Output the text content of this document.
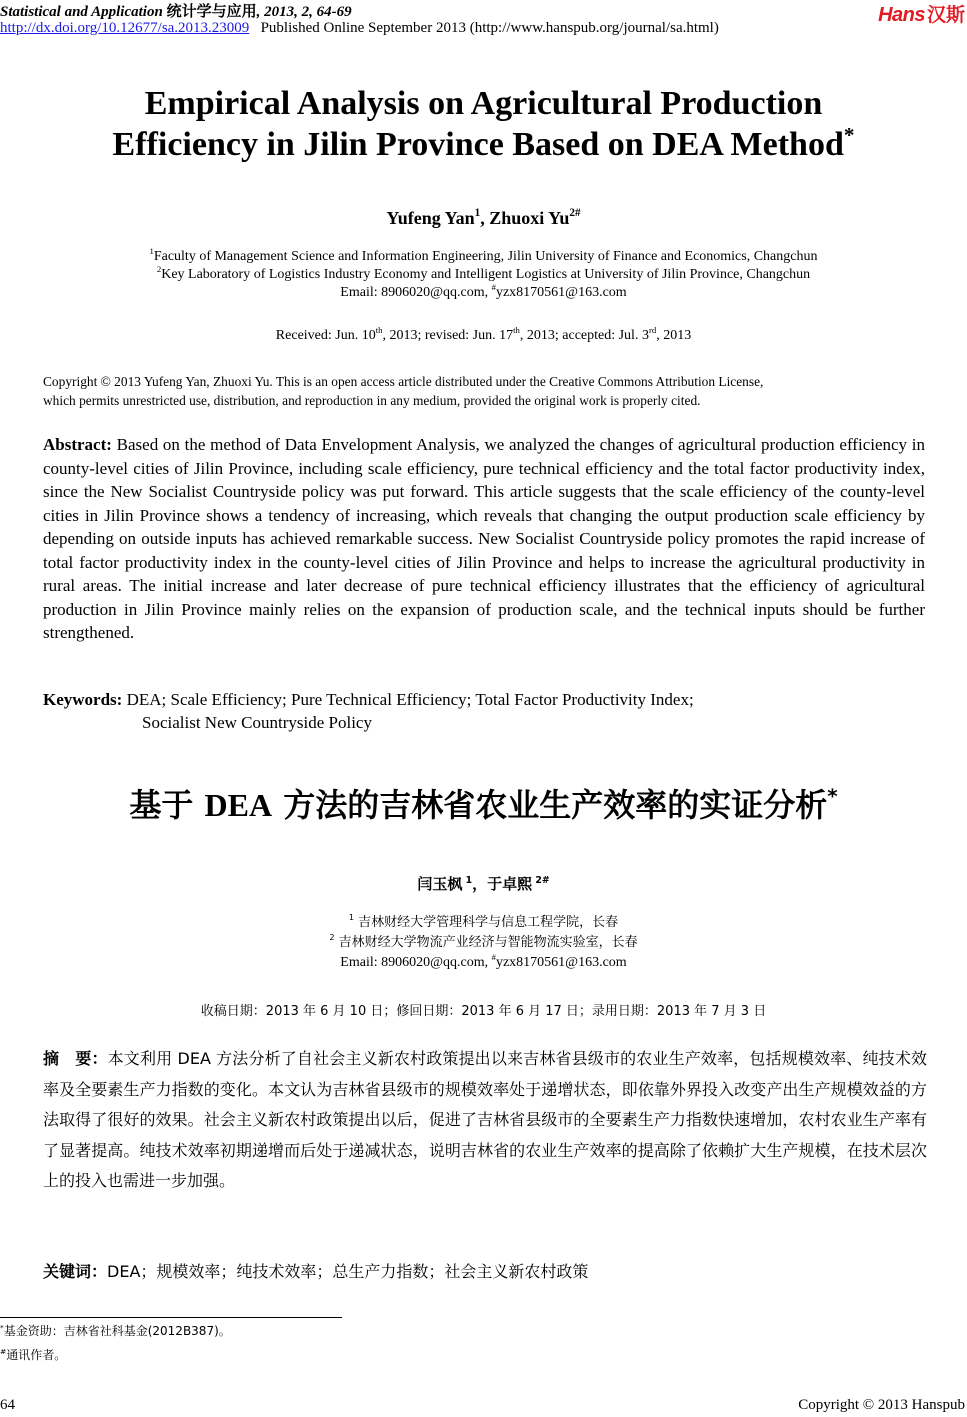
Statistical and Application 统计学与应用, 2013, 2, 64-69
http://dx.doi.org/10.12677/sa.2013.23009 Published Online September 2013 (http://www.hanspub.org/journal/sa.html)
Hans 汉斯
Empirical Analysis on Agricultural Production
Efficiency in Jilin Province Based on DEA Method*
Yufeng Yan$^1$, Zhuoxi $Yu^{2\#}$
$^1$Faculty of Management Science and Information Engineering, Jilin University of Finance and Economics, Changchun
$^2$Key Laboratory of Logistics Industry Economy and Intelligent Logistics at University of Jilin Province, Changchun
Email: 8906020@qq.com, #yzx8170561@163.com
Received: Jun. 10th, 2013; revised: Jun. 17th, 2013; accepted: Jul. 3rd, 2013
Copyright © 2013 Yufeng Yan, Zhuoxi Yu. This is an open access article distributed under the Creative Commons Attribution License,
which permits unrestricted use, distribution, and reproduction in any medium, provided the original work is properly cited.
Abstract: Based on the method of Data Envelopment Analysis, we analyzed the changes of agricultural production efficiency in county-level cities of Jilin Province, including scale efficiency, pure technical efficiency and the total factor productivity index, since the New Socialist Countryside policy was put forward. This article suggests that the scale efficiency of the county-level cities in Jilin Province shows a tendency of increasing, which reveals that changing the output production scale efficiency by depending on outside inputs has achieved remarkable success. New Socialist Countryside policy promotes the rapid increase of total factor productivity index in the county-level cities of Jilin Province and helps to increase the agricultural productivity in rural areas. The initial increase and later decrease of pure technical efficiency illustrates that the efficiency of agricultural production in Jilin Province mainly relies on the expansion of production scale, and the technical inputs should be further strengthened.
Keywords: DEA; Scale Efficiency; Pure Technical Efficiency; Total Factor Productivity Index;
Socialist New Countryside Policy
基于 DEA 方法的吉林省农业生产效率的实证分析*
闫玉枫 $^1$，于卓熙 $^{2\#}$
$^1$ 吉林财经大学管理科学与信息工程学院，长春
$^2$ 吉林财经大学物流产业经济与智能物流实验室，长春
Email: 8906020@qq.com, #yzx8170561@163.com
收稿日期：2013 年 6 月 10 日；修回日期：2013 年 6 月 17 日；录用日期：2013 年 7 月 3 日
摘　要：本文利用 DEA 方法分析了自社会主义新农村政策提出以来吉林省县级市的农业生产效率，包括规模效率、纯技术效率及全要素生产力指数的变化。本文认为吉林省县级市的规模效率处于递增状态，即依靠外界投入改变产出生产规模效益的方法取得了很好的效果。社会主义新农村政策提出以后，促进了吉林省县级市的全要素生产力指数快速增加，农村农业生产率有了显著提高。纯技术效率初期递增而后处于递减状态，说明吉林省的农业生产效率的提高除了依赖扩大生产规模，在技术层次上的投入也需进一步加强。
关键词：DEA；规模效率；纯技术效率；总生产力指数；社会主义新农村政策
*基金资助：吉林省社科基金(2012B387)。
#通讯作者。
64	Copyright © 2013 Hanspub
